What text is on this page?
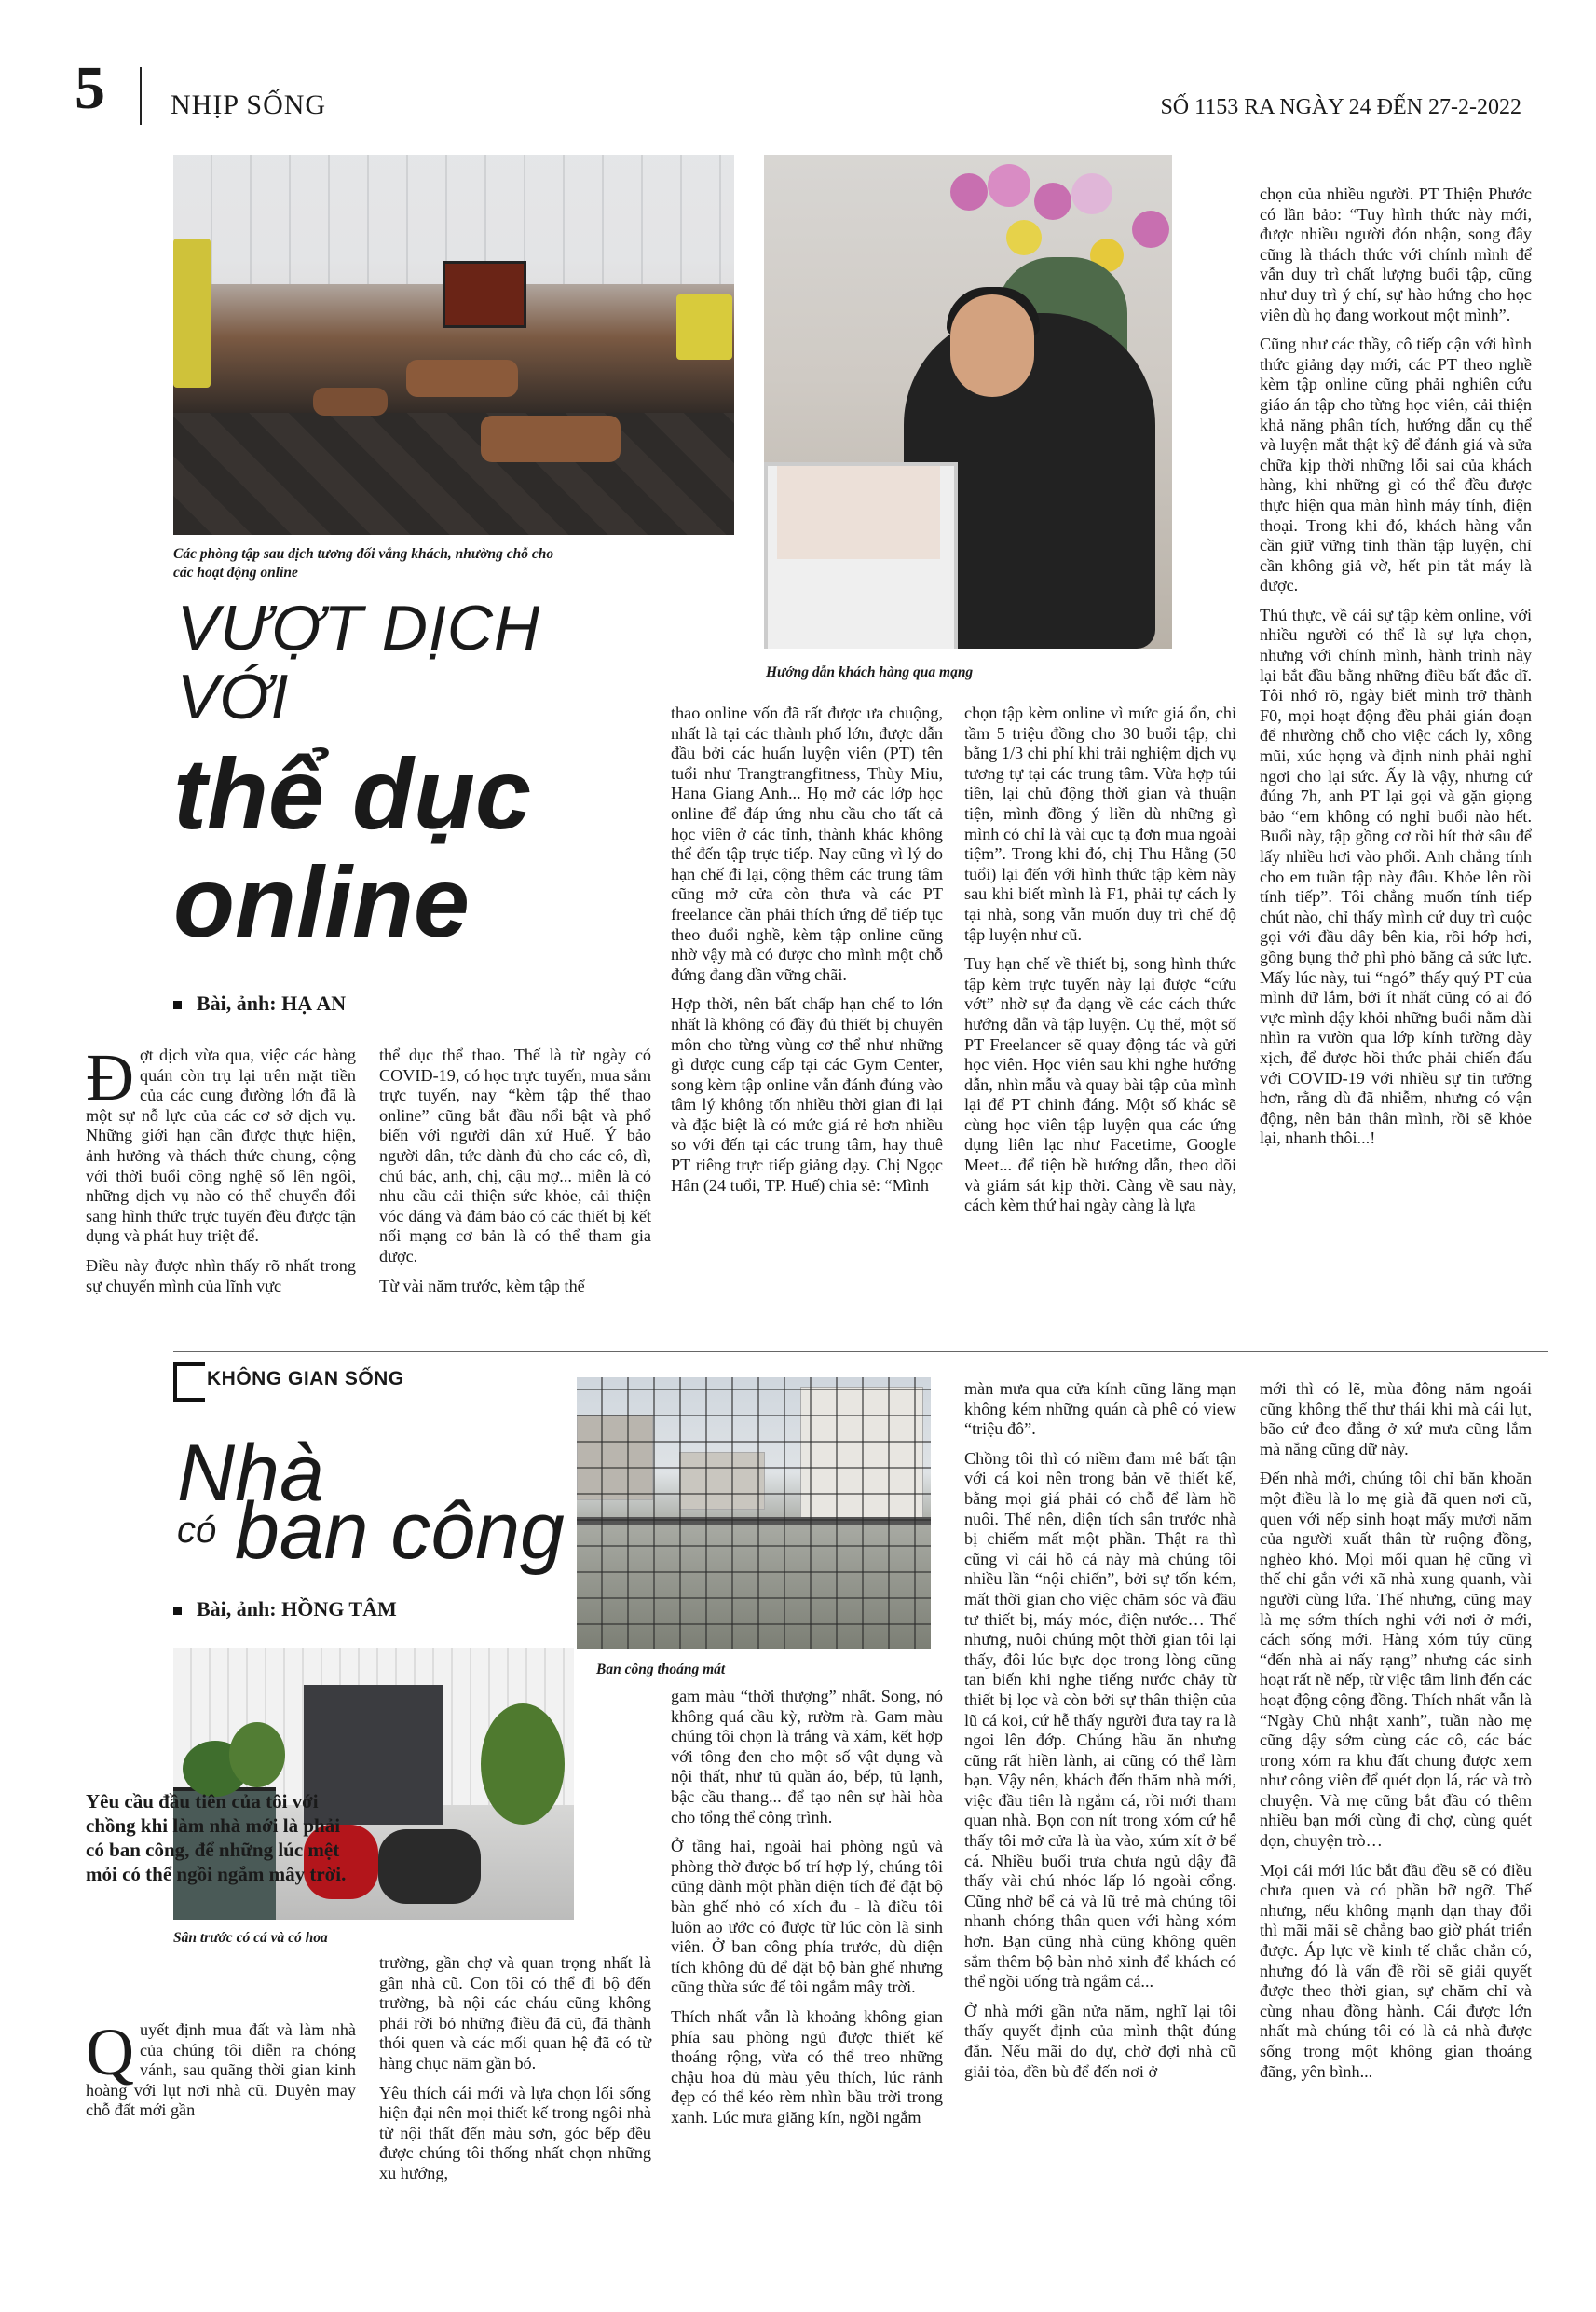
5 NHỊP SỐNG	SỐ 1153 RA NGÀY 24 ĐẾN 27-2-2022
Các phòng tập sau dịch tương đối vắng khách, nhường chỗ cho các hoạt động online
Hướng dẫn khách hàng qua mạng
VƯỢT DỊCH
VỚI
thể dục
online
Bài, ảnh: HẠ AN

Đợt dịch vừa qua, việc các hàng quán còn trụ lại trên mặt tiền của các cung đường lớn đã là một sự nỗ lực của các cơ sở dịch vụ. Những giới hạn cần được thực hiện, ảnh hưởng và thách thức chung, cộng với thời buổi công nghệ số lên ngôi, những dịch vụ nào có thể chuyển đổi sang hình thức trực tuyến đều được tận dụng và phát huy triệt để.

Điều này được nhìn thấy rõ nhất trong sự chuyển mình của lĩnh vực

thể dục thể thao. Thế là từ ngày có COVID-19, có học trực tuyến, mua sắm trực tuyến, nay “kèm tập thể thao online” cũng bắt đầu nổi bật và phổ biến với người dân xứ Huế. Ý bảo người dân, tức dành đủ cho các cô, dì, chú bác, anh, chị, cậu mợ... miễn là có nhu cầu cải thiện sức khỏe, cải thiện vóc dáng và đảm bảo có các thiết bị kết nối mạng cơ bản là có thể tham gia được.

Từ vài năm trước, kèm tập thể

thao online vốn đã rất được ưa chuộng, nhất là tại các thành phố lớn, được dẫn đầu bởi các huấn luyện viên (PT) tên tuổi như Trangtrangfitness, Thùy Miu, Hana Giang Anh... Họ mở các lớp học online để đáp ứng nhu cầu cho tất cả học viên ở các tỉnh, thành khác không thể đến tập trực tiếp. Nay cũng vì lý do hạn chế đi lại, cộng thêm các trung tâm cũng mở cửa còn thưa và các PT freelance cần phải thích ứng để tiếp tục theo đuổi nghề, kèm tập online cũng nhờ vậy mà có được cho mình một chỗ đứng đang dần vững chãi.

Hợp thời, nên bất chấp hạn chế to lớn nhất là không có đầy đủ thiết bị chuyên môn cho từng vùng cơ thể như những gì được cung cấp tại các Gym Center, song kèm tập online vẫn đánh đúng vào tâm lý không tốn nhiều thời gian đi lại và đặc biệt là có mức giá rẻ hơn nhiều so với đến tại các trung tâm, hay thuê PT riêng trực tiếp giảng dạy. Chị Ngọc Hân (24 tuổi, TP. Huế) chia sẻ: “Mình

chọn tập kèm online vì mức giá ổn, chỉ tầm 5 triệu đồng cho 30 buổi tập, chỉ bằng 1/3 chi phí khi trải nghiệm dịch vụ tương tự tại các trung tâm. Vừa hợp túi tiền, lại chủ động thời gian và thuận tiện, mình đồng ý liền dù những gì mình có chỉ là vài cục tạ đơn mua ngoài tiệm”. Trong khi đó, chị Thu Hằng (50 tuổi) lại đến với hình thức tập kèm này sau khi biết mình là F1, phải tự cách ly tại nhà, song vẫn muốn duy trì chế độ tập luyện như cũ.

Tuy hạn chế về thiết bị, song hình thức tập kèm trực tuyến này lại được “cứu vớt” nhờ sự đa dạng về các cách thức hướng dẫn và tập luyện. Cụ thể, một số PT Freelancer sẽ quay động tác và gửi học viên. Học viên sau khi nghe hướng dẫn, nhìn mẫu và quay bài tập của mình lại để PT chỉnh đáng. Một số khác sẽ cùng học viên tập luyện qua các ứng dụng liên lạc như Facetime, Google Meet... để tiện bề hướng dẫn, theo dõi và giám sát kịp thời. Càng về sau này, cách kèm thứ hai ngày càng là lựa

chọn của nhiều người. PT Thiện Phước có lần bảo: “Tuy hình thức này mới, được nhiều người đón nhận, song đây cũng là thách thức với chính mình để vẫn duy trì chất lượng buổi tập, cũng như duy trì ý chí, sự hào hứng cho học viên dù họ đang workout một mình”.

Cũng như các thầy, cô tiếp cận với hình thức giảng dạy mới, các PT theo nghề kèm tập online cũng phải nghiên cứu giáo án tập cho từng học viên, cải thiện khả năng phân tích, hướng dẫn cụ thể và luyện mắt thật kỹ để đánh giá và sửa chữa kịp thời những lỗi sai của khách hàng, khi những gì có thể đều được thực hiện qua màn hình máy tính, điện thoại. Trong khi đó, khách hàng vẫn cần giữ vững tinh thần tập luyện, chỉ cần không giả vờ, hết pin tắt máy là được.

Thú thực, về cái sự tập kèm online, với nhiều người có thể là sự lựa chọn, nhưng với chính mình, hành trình này lại bắt đầu bằng những điều bất đắc dĩ. Tôi nhớ rõ, ngày biết mình trở thành F0, mọi hoạt động đều phải gián đoạn để nhường chỗ cho việc cách ly, xông mũi, xúc họng và định ninh phải nghỉ ngơi cho lại sức. Ấy là vậy, nhưng cứ đúng 7h, anh PT lại gọi và gặn giọng bảo “em không có nghỉ buổi nào hết. Buổi này, tập gồng cơ rồi hít thở sâu để lấy nhiều hơi vào phổi. Anh chẳng tính cho em tuần tập này đâu. Khỏe lên rồi tính tiếp”. Tôi chẳng muốn tính tiếp chút nào, chỉ thấy mình cứ duy trì cuộc gọi với đầu dây bên kia, rồi hớp hơi, gồng bụng thở phì phò bằng cả sức lực. Mấy lúc này, tui “ngó” thấy quý PT của mình dữ lắm, bởi ít nhất cũng có ai đó vực mình dậy khỏi những buổi nằm dài nhìn ra vườn qua lớp kính tường dày xịch, để được hồi thức phải chiến đấu với COVID-19 với nhiều sự tin tưởng hơn, rằng dù đã nhiễm, nhưng có vận động, nên bản thân mình, rồi sẽ khỏe lại, nhanh thôi...!

KHÔNG GIAN SỐNG
Nhà
có ban công
Bài, ảnh: HỒNG TÂM
Ban công thoáng mát
Sân trước có cá và có hoa
Yêu cầu đầu tiên của tôi với chồng khi làm nhà mới là phải có ban công, để những lúc mệt mỏi có thể ngồi ngắm mây trời.

Quyết định mua đất và làm nhà của chúng tôi diễn ra chóng vánh, sau quãng thời gian kinh hoàng với lụt nơi nhà cũ. Duyên may chỗ đất mới gần

trường, gần chợ và quan trọng nhất là gần nhà cũ. Con tôi có thể đi bộ đến trường, bà nội các cháu cũng không phải rời bỏ những điều đã cũ, đã thành thói quen và các mối quan hệ đã có từ hàng chục năm gần bó.

Yêu thích cái mới và lựa chọn lối sống hiện đại nên mọi thiết kế trong ngôi nhà từ nội thất đến màu sơn, góc bếp đều được chúng tôi thống nhất chọn những xu hướng,

gam màu “thời thượng” nhất. Song, nó không quá cầu kỳ, rườm rà. Gam màu chúng tôi chọn là trắng và xám, kết hợp với tông đen cho một số vật dụng và nội thất, như tủ quần áo, bếp, tủ lạnh, bậc cầu thang... để tạo nên sự hài hòa cho tổng thể công trình.

Ở tầng hai, ngoài hai phòng ngủ và phòng thờ được bố trí hợp lý, chúng tôi cũng dành một phần diện tích để đặt bộ bàn ghế nhỏ có xích đu - là điều tôi luôn ao ước có được từ lúc còn là sinh viên. Ở ban công phía trước, dù diện tích không đủ để đặt bộ bàn ghế nhưng cũng thừa sức để tôi ngắm mây trời.

Thích nhất vẫn là khoảng không gian phía sau phòng ngủ được thiết kế thoáng rộng, vừa có thể treo những chậu hoa đủ màu yêu thích, lúc rảnh đẹp có thể kéo rèm nhìn bầu trời trong xanh. Lúc mưa giăng kín, ngồi ngắm

màn mưa qua cửa kính cũng lãng mạn không kém những quán cà phê có view “triệu đô”.

Chồng tôi thì có niềm đam mê bất tận với cá koi nên trong bản vẽ thiết kế, bằng mọi giá phải có chỗ để làm hồ nuôi. Thế nên, diện tích sân trước nhà bị chiếm mất một phần. Thật ra thì cũng vì cái hồ cá này mà chúng tôi nhiều lần “nội chiến”, bởi sự tốn kém, mất thời gian cho việc chăm sóc và đầu tư thiết bị, máy móc, điện nước… Thế nhưng, nuôi chúng một thời gian tôi lại thấy, đôi lúc bực dọc trong lòng cũng tan biến khi nghe tiếng nước chảy từ thiết bị lọc và còn bởi sự thân thiện của lũ cá koi, cứ hễ thấy người đưa tay ra là ngoi lên đớp. Chúng hầu ăn nhưng cũng rất hiền lành, ai cũng có thể làm bạn. Vậy nên, khách đến thăm nhà mới, việc đầu tiên là ngắm cá, rồi mới tham quan nhà. Bọn con nít trong xóm cứ hễ thấy tôi mở cửa là ùa vào, xúm xít ở bể cá. Nhiều buổi trưa chưa ngủ dậy đã thấy vài chú nhóc lấp ló ngoài cổng. Cũng nhờ bể cá và lũ trẻ mà chúng tôi nhanh chóng thân quen với hàng xóm hơn. Bạn cũng nhà cũng không quên sắm thêm bộ bàn nhỏ xinh để khách có thể ngồi uống trà ngắm cá...

Ở nhà mới gần nửa năm, nghĩ lại tôi thấy quyết định của mình thật đúng đắn. Nếu mãi do dự, chờ đợi nhà cũ giải tỏa, đền bù để đến nơi ở

mới thì có lẽ, mùa đông năm ngoái cũng không thể thư thái khi mà cái lụt, bão cứ đeo đẳng ở xứ mưa cũng lắm mà nắng cũng dữ này.

Đến nhà mới, chúng tôi chỉ băn khoăn một điều là lo mẹ già đã quen nơi cũ, quen với nếp sinh hoạt mấy mươi năm của người xuất thân từ ruộng đồng, nghèo khó. Mọi mối quan hệ cũng vì thế chỉ gắn với xã nhà xung quanh, vài người cùng lứa. Thế nhưng, cũng may là mẹ sớm thích nghi với nơi ở mới, cách sống mới. Hàng xóm túy cũng “đến nhà ai nấy rạng” nhưng các sinh hoạt rất nề nếp, từ việc tâm linh đến các hoạt động cộng đồng. Thích nhất vẫn là “Ngày Chủ nhật xanh”, tuần nào mẹ cũng dậy sớm cùng các cô, các bác trong xóm ra khu đất chung được xem như công viên để quét dọn lá, rác và trò chuyện. Và mẹ cũng bắt đầu có thêm nhiều bạn mới cùng đi chợ, cùng quét dọn, chuyện trò…

Mọi cái mới lúc bắt đầu đều sẽ có điều chưa quen và có phần bỡ ngỡ. Thế nhưng, nếu không mạnh dạn thay đổi thì mãi mãi sẽ chẳng bao giờ phát triển được. Áp lực về kinh tế chắc chắn có, nhưng đó là vấn đề rồi sẽ giải quyết được theo thời gian, sự chăm chỉ và cùng nhau đồng hành. Cái được lớn nhất mà chúng tôi có là cả nhà được sống trong một không gian thoáng đãng, yên bình...
